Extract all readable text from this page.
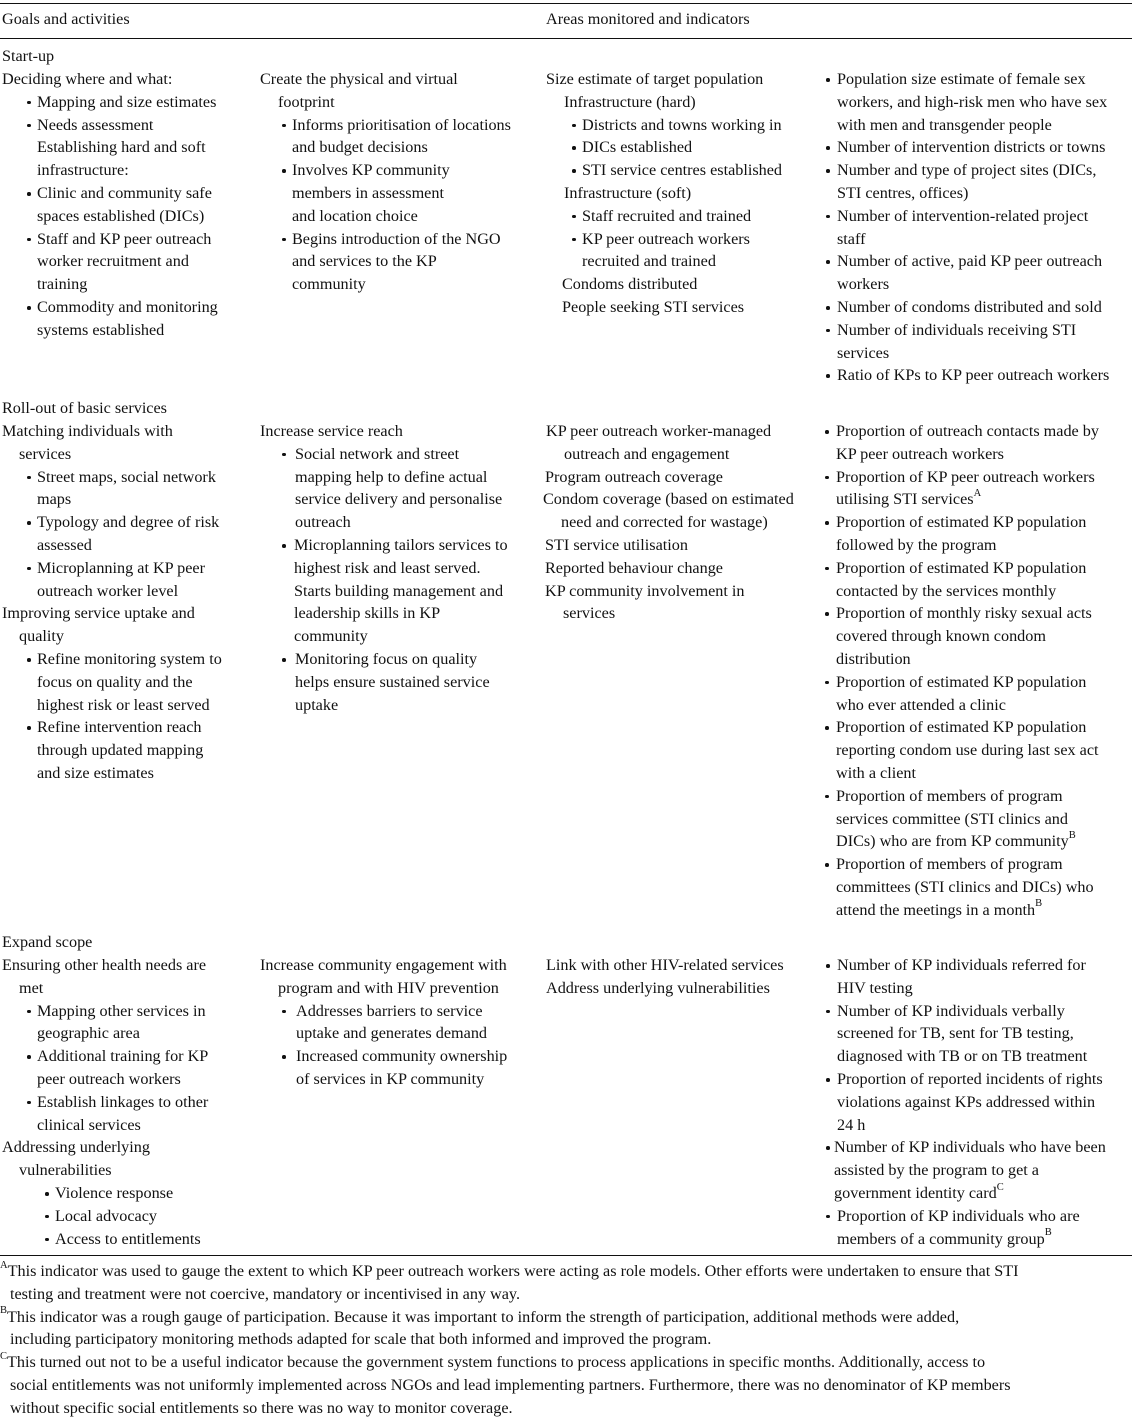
Goals and activities	Areas monitored and indicators
Start-up
Deciding where and what:
Mapping and size estimates
Needs assessment
Establishing hard and soft
infrastructure:
Clinic and community safe
spaces established (DICs)
Staff and KP peer outreach
worker recruitment and
training
Commodity and monitoring
systems established
Create the physical and virtual
footprint
Informs prioritisation of locations
and budget decisions
Involves KP community
members in assessment
and location choice
Begins introduction of the NGO
and services to the KP
community
Size estimate of target population
Infrastructure (hard)
Districts and towns working in
DICs established
STI service centres established
Infrastructure (soft)
Staff recruited and trained
KP peer outreach workers
recruited and trained
Condoms distributed
People seeking STI services
Population size estimate of female sex
workers, and high-risk men who have sex
with men and transgender people
Number of intervention districts or towns
Number and type of project sites (DICs,
STI centres, offices)
Number of intervention-related project
staff
Number of active, paid KP peer outreach
workers
Number of condoms distributed and sold
Number of individuals receiving STI
services
Ratio of KPs to KP peer outreach workers
Roll-out of basic services
Matching individuals with
services
Street maps, social network
maps
Typology and degree of risk
assessed
Microplanning at KP peer
outreach worker level
Improving service uptake and
quality
Refine monitoring system to
focus on quality and the
highest risk or least served
Refine intervention reach
through updated mapping
and size estimates
Increase service reach
Social network and street
mapping help to define actual
service delivery and personalise
outreach
Microplanning tailors services to
highest risk and least served.
Starts building management and
leadership skills in KP
community
Monitoring focus on quality
helps ensure sustained service
uptake
KP peer outreach worker-managed
outreach and engagement
Program outreach coverage
Condom coverage (based on estimated
need and corrected for wastage)
STI service utilisation
Reported behaviour change
KP community involvement in
services
Proportion of outreach contacts made by
KP peer outreach workers
Proportion of KP peer outreach workers
utilising STI services$^A$
Proportion of estimated KP population
followed by the program
Proportion of estimated KP population
contacted by the services monthly
Proportion of monthly risky sexual acts
covered through known condom
distribution
Proportion of estimated KP population
who ever attended a clinic
Proportion of estimated KP population
reporting condom use during last sex act
with a client
Proportion of members of program
services committee (STI clinics and
DICs) who are from KP community$^B$
Proportion of members of program
committees (STI clinics and DICs) who
attend the meetings in a month$^B$
Expand scope
Ensuring other health needs are
met
Mapping other services in
geographic area
Additional training for KP
peer outreach workers
Establish linkages to other
clinical services
Addressing underlying
vulnerabilities
Violence response
Local advocacy
Access to entitlements
Increase community engagement with
program and with HIV prevention
Addresses barriers to service
uptake and generates demand
Increased community ownership
of services in KP community
Link with other HIV-related services
Address underlying vulnerabilities
Number of KP individuals referred for
HIV testing
Number of KP individuals verbally
screened for TB, sent for TB testing,
diagnosed with TB or on TB treatment
Proportion of reported incidents of rights
violations against KPs addressed within
24 h
Number of KP individuals who have been
assisted by the program to get a
government identity card$^C$
Proportion of KP individuals who are
members of a community group$^B$
$^A$This indicator was used to gauge the extent to which KP peer outreach workers were acting as role models. Other efforts were undertaken to ensure that STI
testing and treatment were not coercive, mandatory or incentivised in any way.
$^B$This indicator was a rough gauge of participation. Because it was important to inform the strength of participation, additional methods were added,
including participatory monitoring methods adapted for scale that both informed and improved the program.
$^C$This turned out not to be a useful indicator because the government system functions to process applications in specific months. Additionally, access to
social entitlements was not uniformly implemented across NGOs and lead implementing partners. Furthermore, there was no denominator of KP members
without specific social entitlements so there was no way to monitor coverage.
